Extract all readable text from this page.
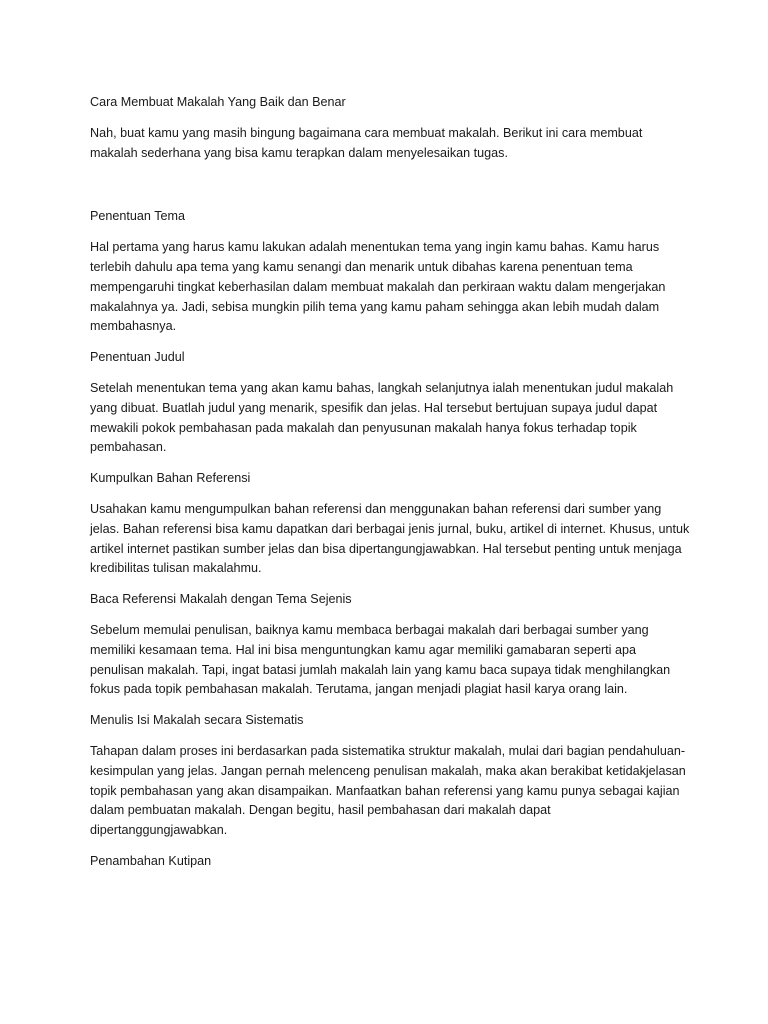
Cara Membuat Makalah Yang Baik dan Benar

Nah, buat kamu yang masih bingung bagaimana cara membuat makalah. Berikut ini cara membuat makalah sederhana yang bisa kamu terapkan dalam menyelesaikan tugas.

Penentuan Tema

Hal pertama yang harus kamu lakukan adalah menentukan tema yang ingin kamu bahas. Kamu harus terlebih dahulu apa tema yang kamu senangi dan menarik untuk dibahas karena penentuan tema mempengaruhi tingkat keberhasilan dalam membuat makalah dan perkiraan waktu dalam mengerjakan makalahnya ya. Jadi, sebisa mungkin pilih tema yang kamu paham sehingga akan lebih mudah dalam membahasnya.

Penentuan Judul

Setelah menentukan tema yang akan kamu bahas, langkah selanjutnya ialah menentukan judul makalah yang dibuat. Buatlah judul yang menarik, spesifik dan jelas. Hal tersebut bertujuan supaya judul dapat mewakili pokok pembahasan pada makalah dan penyusunan makalah hanya fokus terhadap topik pembahasan.

Kumpulkan Bahan Referensi

Usahakan kamu mengumpulkan bahan referensi dan menggunakan bahan referensi dari sumber yang jelas. Bahan referensi bisa kamu dapatkan dari berbagai jenis jurnal, buku, artikel di internet. Khusus, untuk artikel internet pastikan sumber jelas dan bisa dipertangungjawabkan. Hal tersebut penting untuk menjaga kredibilitas tulisan makalahmu.

Baca Referensi Makalah dengan Tema Sejenis

Sebelum memulai penulisan, baiknya kamu membaca berbagai makalah dari berbagai sumber yang memiliki kesamaan tema. Hal ini bisa menguntungkan kamu agar memiliki gamabaran seperti apa penulisan makalah. Tapi, ingat batasi jumlah makalah lain yang kamu baca supaya tidak menghilangkan fokus pada topik pembahasan makalah. Terutama, jangan menjadi plagiat hasil karya orang lain.

Menulis Isi Makalah secara Sistematis

Tahapan dalam proses ini berdasarkan pada sistematika struktur makalah, mulai dari bagian pendahuluan-kesimpulan yang jelas. Jangan pernah melenceng penulisan makalah, maka akan berakibat ketidakjelasan topik pembahasan yang akan disampaikan. Manfaatkan bahan referensi yang kamu punya sebagai kajian dalam pembuatan makalah. Dengan begitu, hasil pembahasan dari makalah dapat dipertanggungjawabkan.

Penambahan Kutipan
